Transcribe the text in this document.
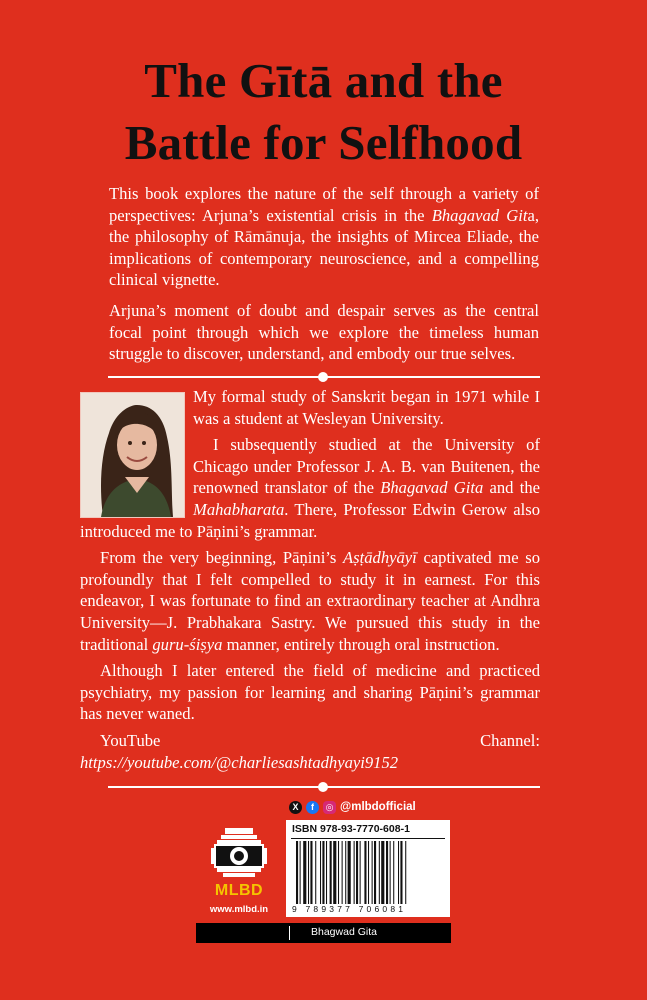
The Gītā and the
Battle for Selfhood

This book explores the nature of the self through a variety of perspectives: Arjuna’s existential crisis in the Bhagavad Gita, the philosophy of Rāmānuja, the insights of Mircea Eliade, the implications of contemporary neuroscience, and a compelling clinical vignette.

Arjuna’s moment of doubt and despair serves as the central focal point through which we explore the timeless human struggle to discover, understand, and embody our true selves.

My formal study of Sanskrit began in 1971 while I was a student at Wesleyan University.

I subsequently studied at the University of Chicago under Professor J. A. B. van Buitenen, the renowned translator of the Bhagavad Gita and the Mahabharata. There, Professor Edwin Gerow also introduced me to Pāṇini’s grammar.

From the very beginning, Pāṇini’s Aṣṭādhyāyī captivated me so profoundly that I felt compelled to study it in earnest. For this endeavor, I was fortunate to find an extraordinary teacher at Andhra University—J. Prabhakara Sastry. We pursued this study in the traditional guru-śiṣya manner, entirely through oral instruction.

Although I later entered the field of medicine and practiced psychiatry, my passion for learning and sharing Pāṇini’s grammar has never waned.

YouTube Channel: https://youtube.com/@charliesashtadhyayi9152

X	f	◎ @mlbdofficial
MLBD
www.mlbd.in
ISBN 978-93-7770-608-1
9 789377 706081
Bhagwad Gita
